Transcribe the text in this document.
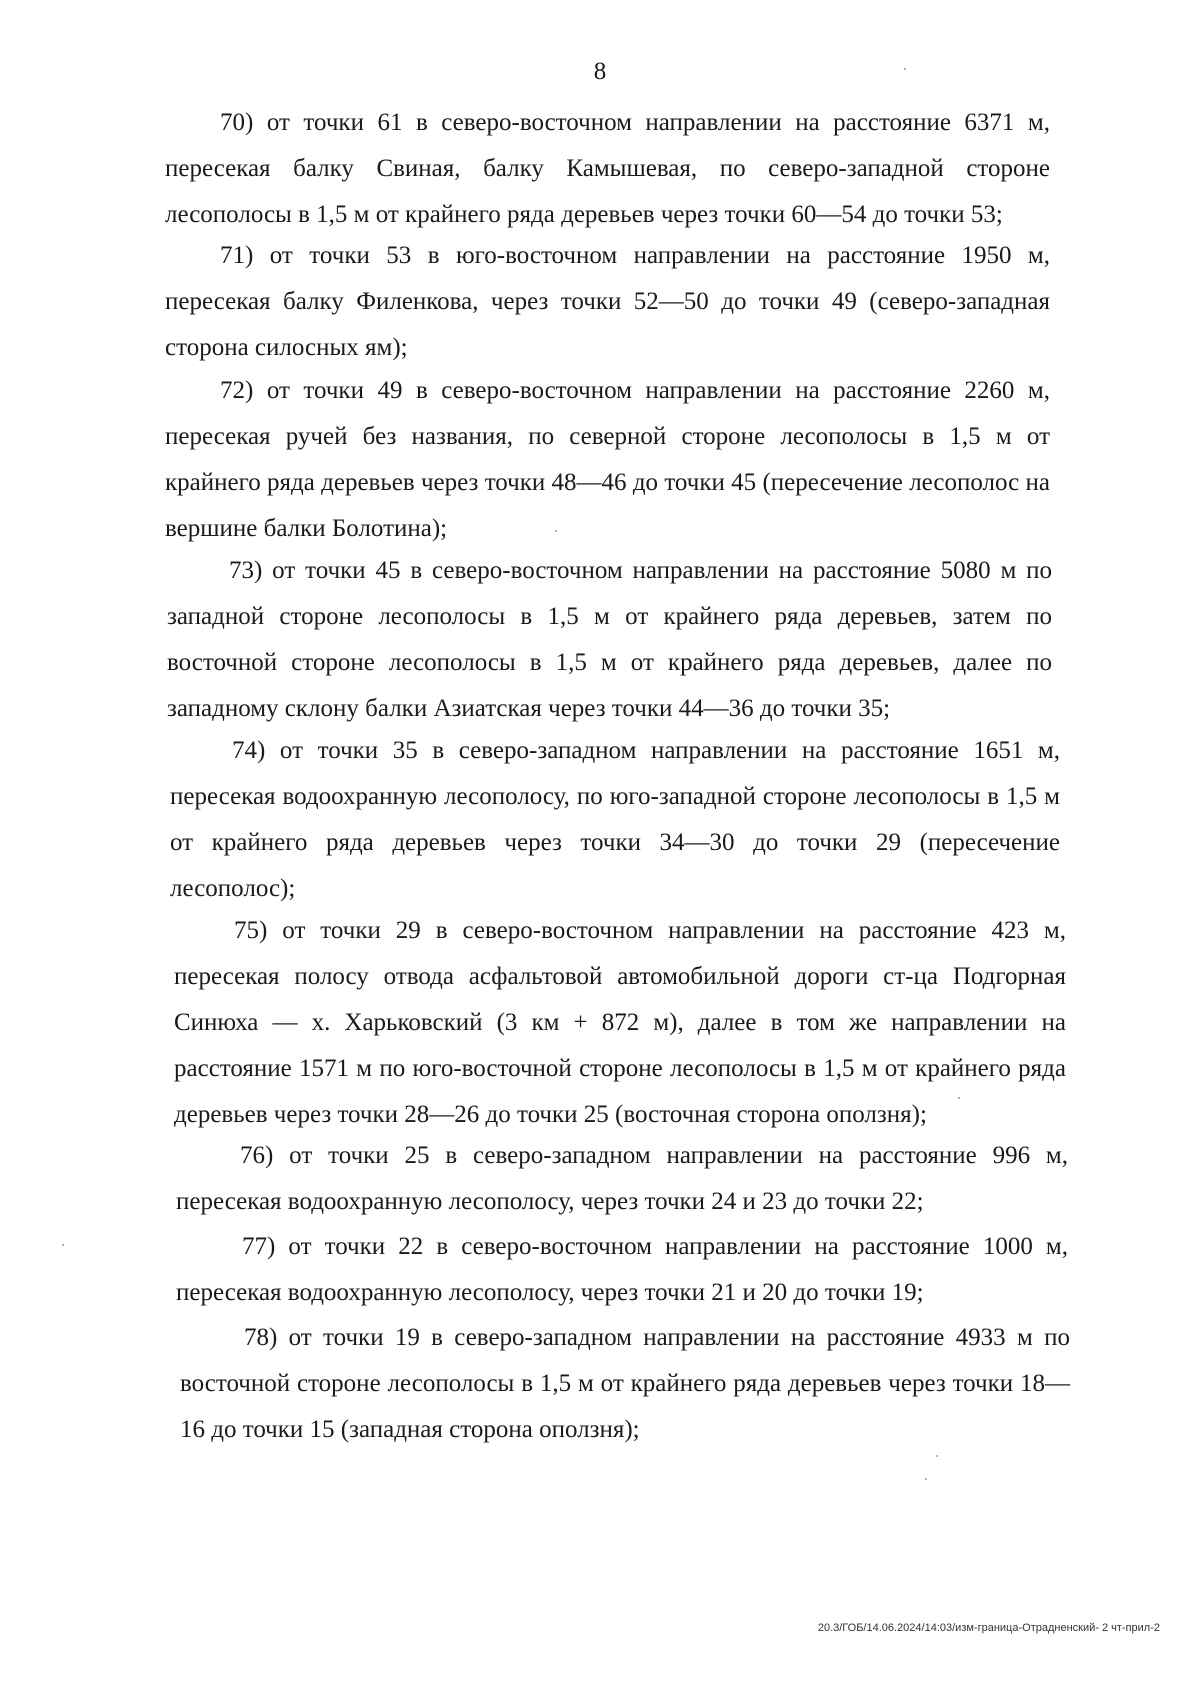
8

70) от точки 61 в северо-восточном направлении на расстояние 6371 м, пересекая балку Свиная, балку Камышевая, по северо-западной стороне лесополосы в 1,5 м от крайнего ряда деревьев через точки 60—54 до точки 53;

71) от точки 53 в юго-восточном направлении на расстояние 1950 м, пересекая балку Филенкова, через точки 52—50 до точки 49 (северо-западная сторона силосных ям);

72) от точки 49 в северо-восточном направлении на расстояние 2260 м, пересекая ручей без названия, по северной стороне лесополосы в 1,5 м от крайнего ряда деревьев через точки 48—46 до точки 45 (пересечение лесополос на вершине балки Болотина);

73) от точки 45 в северо-восточном направлении на расстояние 5080 м по западной стороне лесополосы в 1,5 м от крайнего ряда деревьев, затем по восточной стороне лесополосы в 1,5 м от крайнего ряда деревьев, далее по западному склону балки Азиатская через точки 44—36 до точки 35;

74) от точки 35 в северо-западном направлении на расстояние 1651 м, пересекая водоохранную лесополосу, по юго-западной стороне лесополосы в 1,5 м от крайнего ряда деревьев через точки 34—30 до точки 29 (пересечение лесополос);

75) от точки 29 в северо-восточном направлении на расстояние 423 м, пересекая полосу отвода асфальтовой автомобильной дороги ст-ца Подгорная Синюха — х. Харьковский (3 км + 872 м), далее в том же направлении на расстояние 1571 м по юго-восточной стороне лесополосы в 1,5 м от крайнего ряда деревьев через точки 28—26 до точки 25 (восточная сторона оползня);

76) от точки 25 в северо-западном направлении на расстояние 996 м, пересекая водоохранную лесополосу, через точки 24 и 23 до точки 22;

77) от точки 22 в северо-восточном направлении на расстояние 1000 м, пересекая водоохранную лесополосу, через точки 21 и 20 до точки 19;

78) от точки 19 в северо-западном направлении на расстояние 4933 м по восточной стороне лесополосы в 1,5 м от крайнего ряда деревьев через точки 18—16 до точки 15 (западная сторона оползня);

20.3/ГОБ/14.06.2024/14:03/изм-граница-Отрадненский- 2 чт-прил-2
